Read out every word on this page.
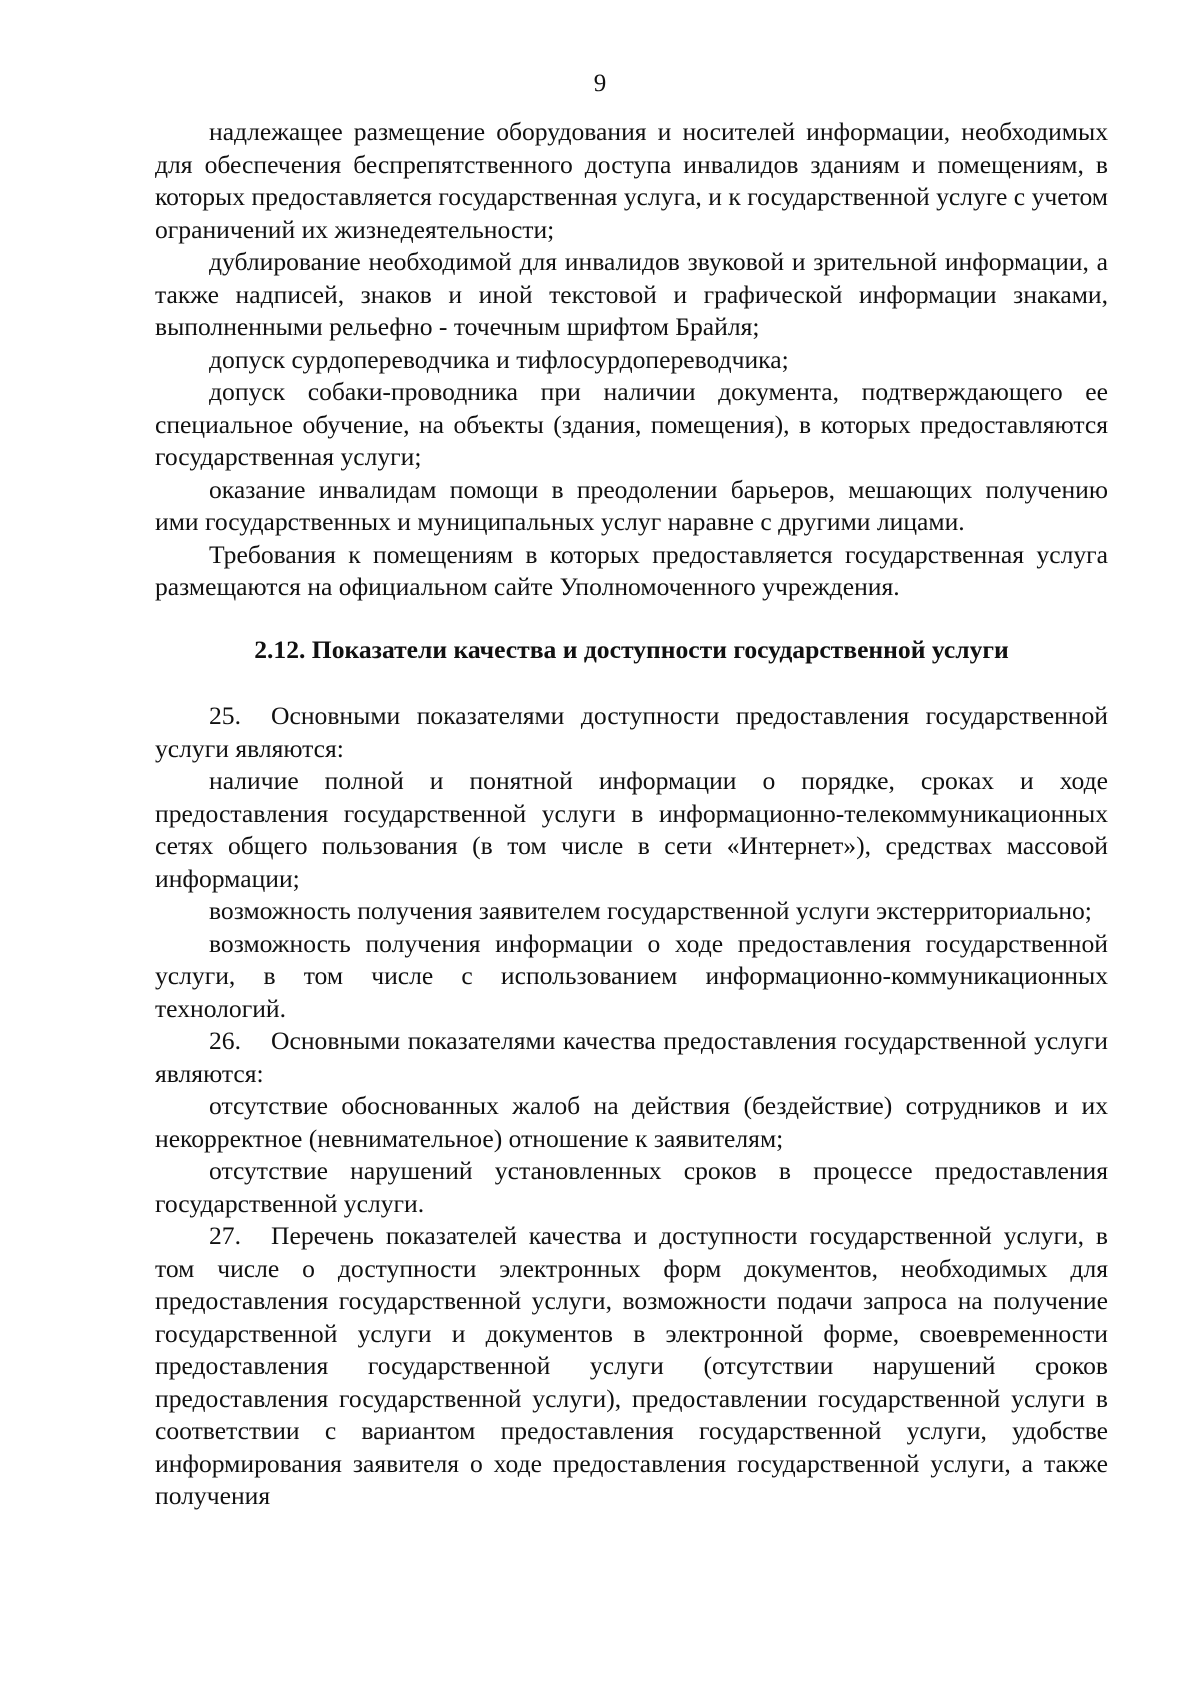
9

надлежащее размещение оборудования и носителей информации, необходимых для обеспечения беспрепятственного доступа инвалидов зданиям и помещениям, в которых предоставляется государственная услуга, и к государственной услуге с учетом ограничений их жизнедеятельности;

дублирование необходимой для инвалидов звуковой и зрительной информации, а также надписей, знаков и иной текстовой и графической информации знаками, выполненными рельефно - точечным шрифтом Брайля;

допуск сурдопереводчика и тифлосурдопереводчика;

допуск собаки-проводника при наличии документа, подтверждающего ее специальное обучение, на объекты (здания, помещения), в которых предоставляются государственная услуги;

оказание инвалидам помощи в преодолении барьеров, мешающих получению ими государственных и муниципальных услуг наравне с другими лицами.

Требования к помещениям в которых предоставляется государственная услуга размещаются на официальном сайте Уполномоченного учреждения.

2.12. Показатели качества и доступности государственной услуги

25. Основными показателями доступности предоставления государственной услуги являются:

наличие полной и понятной информации о порядке, сроках и ходе предоставления государственной услуги в информационно-телекоммуникационных сетях общего пользования (в том числе в сети «Интернет»), средствах массовой информации;

возможность получения заявителем государственной услуги экстерриториально;

возможность получения информации о ходе предоставления государственной услуги, в том числе с использованием информационно-коммуникационных технологий.

26. Основными показателями качества предоставления государственной услуги являются:

отсутствие обоснованных жалоб на действия (бездействие) сотрудников и их некорректное (невнимательное) отношение к заявителям;

отсутствие нарушений установленных сроков в процессе предоставления государственной услуги.

27. Перечень показателей качества и доступности государственной услуги, в том числе о доступности электронных форм документов, необходимых для предоставления государственной услуги, возможности подачи запроса на получение государственной услуги и документов в электронной форме, своевременности предоставления государственной услуги (отсутствии нарушений сроков предоставления государственной услуги), предоставлении государственной услуги в соответствии с вариантом предоставления государственной услуги, удобстве информирования заявителя о ходе предоставления государственной услуги, а также получения
